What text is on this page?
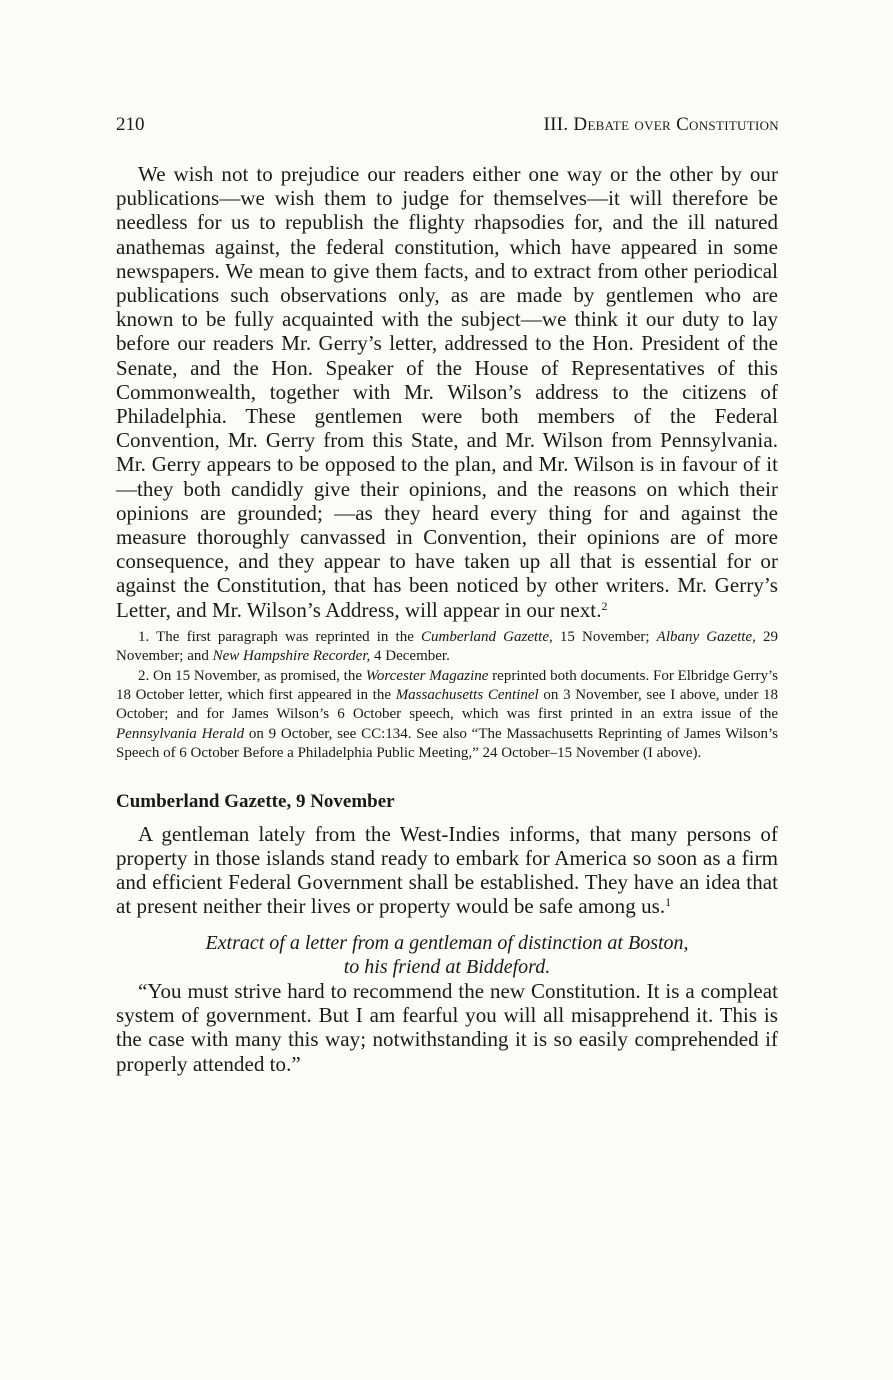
210	III. Debate over Constitution

We wish not to prejudice our readers either one way or the other by our publications—we wish them to judge for themselves—it will therefore be needless for us to republish the flighty rhapsodies for, and the ill natured anathemas against, the federal constitution, which have appeared in some newspapers. We mean to give them facts, and to extract from other periodical publications such observations only, as are made by gentlemen who are known to be fully acquainted with the subject—we think it our duty to lay before our readers Mr. Gerry’s letter, addressed to the Hon. President of the Senate, and the Hon. Speaker of the House of Representatives of this Commonwealth, together with Mr. Wilson’s address to the citizens of Philadelphia. These gentlemen were both members of the Federal Convention, Mr. Gerry from this State, and Mr. Wilson from Pennsylvania. Mr. Gerry appears to be opposed to the plan, and Mr. Wilson is in favour of it—they both candidly give their opinions, and the reasons on which their opinions are grounded; —as they heard every thing for and against the measure thoroughly canvassed in Convention, their opinions are of more consequence, and they appear to have taken up all that is essential for or against the Constitution, that has been noticed by other writers. Mr. Gerry’s Letter, and Mr. Wilson’s Address, will appear in our next.$^2$

1. The first paragraph was reprinted in the Cumberland Gazette, 15 November; Albany Gazette, 29 November; and New Hampshire Recorder, 4 December.

2. On 15 November, as promised, the Worcester Magazine reprinted both documents. For Elbridge Gerry’s 18 October letter, which first appeared in the Massachusetts Centinel on 3 November, see I above, under 18 October; and for James Wilson’s 6 October speech, which was first printed in an extra issue of the Pennsylvania Herald on 9 October, see CC:134. See also “The Massachusetts Reprinting of James Wilson’s Speech of 6 October Before a Philadelphia Public Meeting,” 24 October–15 November (I above).

Cumberland Gazette, 9 November

A gentleman lately from the West-Indies informs, that many persons of property in those islands stand ready to embark for America so soon as a firm and efficient Federal Government shall be established. They have an idea that at present neither their lives or property would be safe among us.$^1$

Extract of a letter from a gentleman of distinction at Boston,
to his friend at Biddeford.

“You must strive hard to recommend the new Constitution. It is a compleat system of government. But I am fearful you will all misapprehend it. This is the case with many this way; notwithstanding it is so easily comprehended if properly attended to.”
